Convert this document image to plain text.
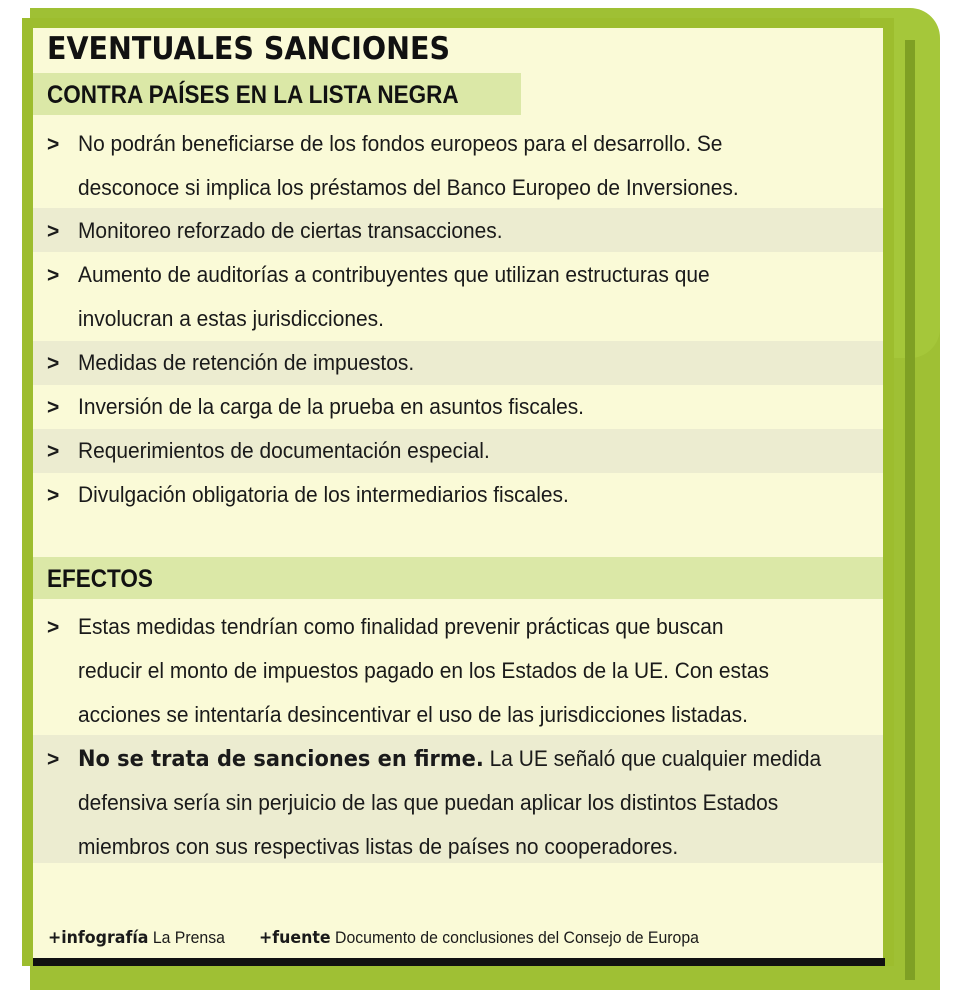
EVENTUALES SANCIONES
CONTRA PAÍSES EN LA LISTA NEGRA
> No podrán beneficiarse de los fondos europeos para el desarrollo. Se
desconoce si implica los préstamos del Banco Europeo de Inversiones.
> Monitoreo reforzado de ciertas transacciones.
> Aumento de auditorías a contribuyentes que utilizan estructuras que
involucran a estas jurisdicciones.
> Medidas de retención de impuestos.
> Inversión de la carga de la prueba en asuntos fiscales.
> Requerimientos de documentación especial.
> Divulgación obligatoria de los intermediarios fiscales.
EFECTOS
> Estas medidas tendrían como finalidad prevenir prácticas que buscan
reducir el monto de impuestos pagado en los Estados de la UE. Con estas
acciones se intentaría desincentivar el uso de las jurisdicciones listadas.
> No se trata de sanciones en firme. La UE señaló que cualquier medida
defensiva sería sin perjuicio de las que puedan aplicar los distintos Estados
miembros con sus respectivas listas de países no cooperadores.
+infografía La Prensa +fuente Documento de conclusiones del Consejo de Europa
